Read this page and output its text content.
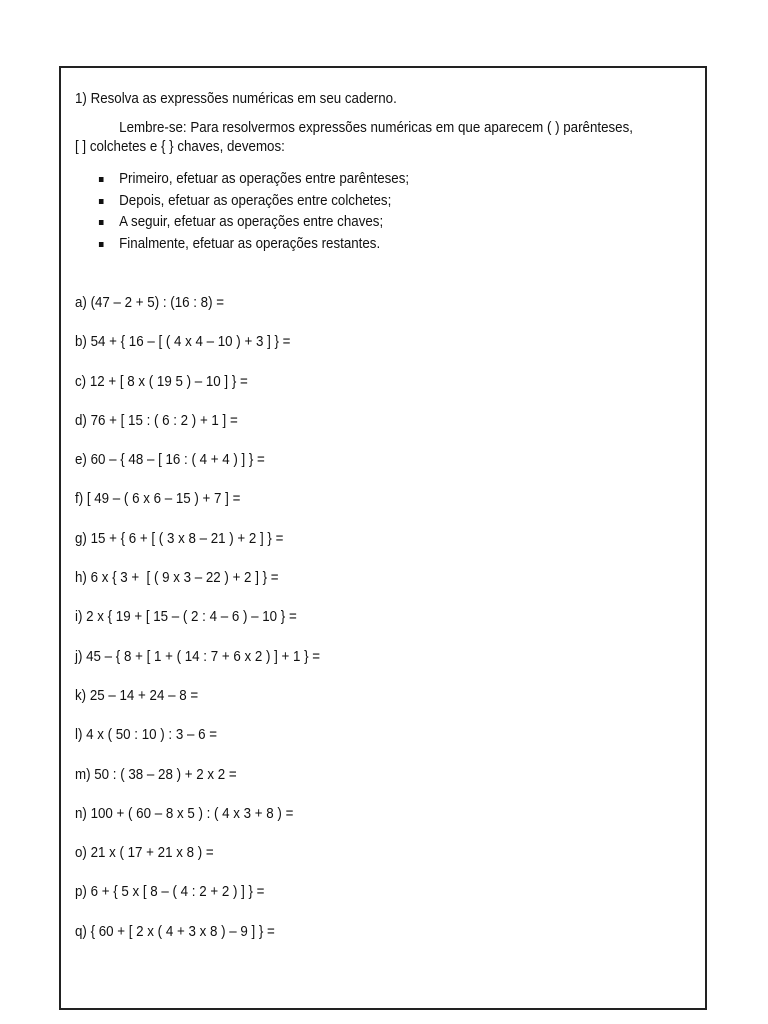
1) Resolva as expressões numéricas em seu caderno.

Lembre-se: Para resolvermos expressões numéricas em que aparecem ( ) parênteses,
[ ] colchetes e { } chaves, devemos:

Primeiro, efetuar as operações entre parênteses;
Depois, efetuar as operações entre colchetes;
A seguir, efetuar as operações entre chaves;
Finalmente, efetuar as operações restantes.
a) (47 – 2 + 5) : (16 : 8) =
b) 54 + { 16 – [ ( 4 x 4 – 10 ) + 3 ] } =
c) 12 + [ 8 x ( 19 5 ) – 10 ] } =
d) 76 + [ 15 : ( 6 : 2 ) + 1 ] =
e) 60 – { 48 – [ 16 : ( 4 + 4 ) ] } =
f) [ 49 – ( 6 x 6 – 15 ) + 7 ] =
g) 15 + { 6 + [ ( 3 x 8 – 21 ) + 2 ] } =
h) 6 x { 3 +  [ ( 9 x 3 – 22 ) + 2 ] } =
i) 2 x { 19 + [ 15 – ( 2 : 4 – 6 ) – 10 } =
j) 45 – { 8 + [ 1 + ( 14 : 7 + 6 x 2 ) ] + 1 } =
k) 25 – 14 + 24 – 8 =
l) 4 x ( 50 : 10 ) : 3 – 6 =
m) 50 : ( 38 – 28 ) + 2 x 2 =
n) 100 + ( 60 – 8 x 5 ) : ( 4 x 3 + 8 ) =
o) 21 x ( 17 + 21 x 8 ) =
p) 6 + { 5 x [ 8 – ( 4 : 2 + 2 ) ] } =
q) { 60 + [ 2 x ( 4 + 3 x 8 ) – 9 ] } =
